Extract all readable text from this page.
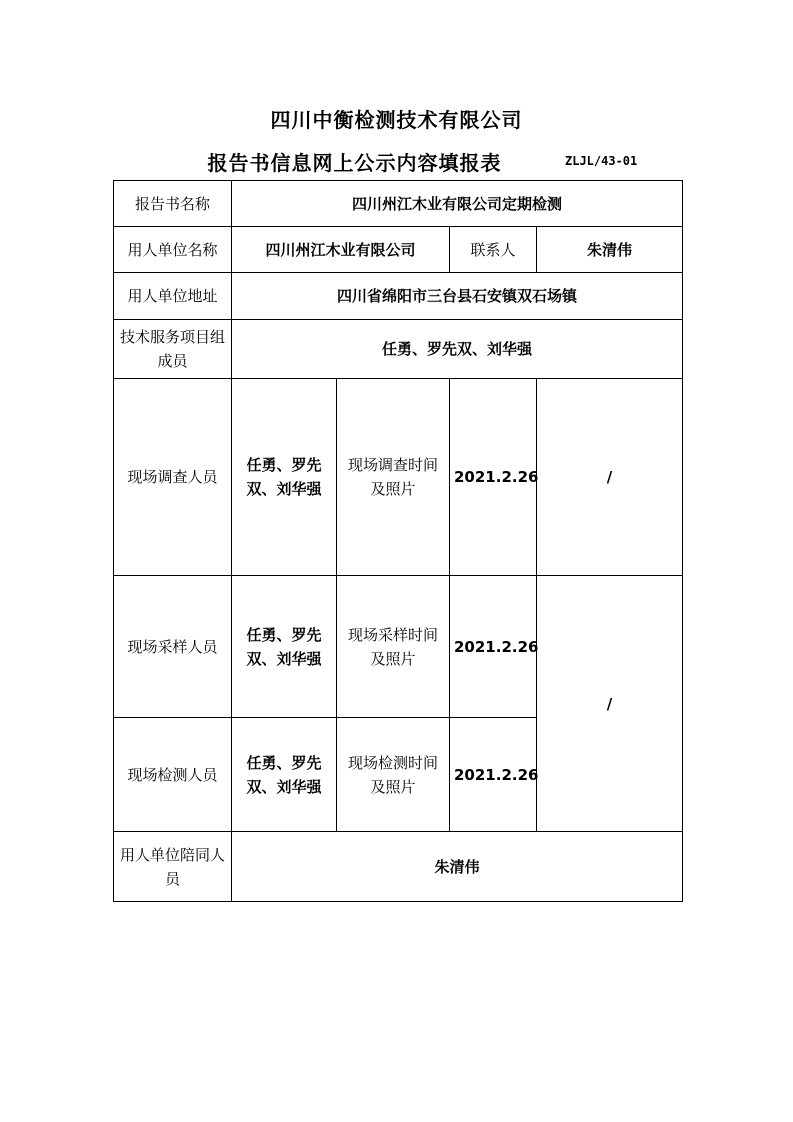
四川中衡检测技术有限公司
报告书信息网上公示内容填报表	ZLJL/43-01
报告书名称	四川州江木业有限公司定期检测			
用人单位名称	四川州江木业有限公司		联系人	朱清伟
用人单位地址	四川省绵阳市三台县石安镇双石场镇			
技术服务项目组成员	任勇、罗先双、刘华强			
现场调查人员	任勇、罗先双、刘华强	现场调查时间及照片	2021.2.26	/
现场采样人员	任勇、罗先双、刘华强	现场采样时间及照片	2021.2.26	/
现场检测人员	任勇、罗先双、刘华强	现场检测时间及照片	2021.2.26	
用人单位陪同人员	朱清伟			
